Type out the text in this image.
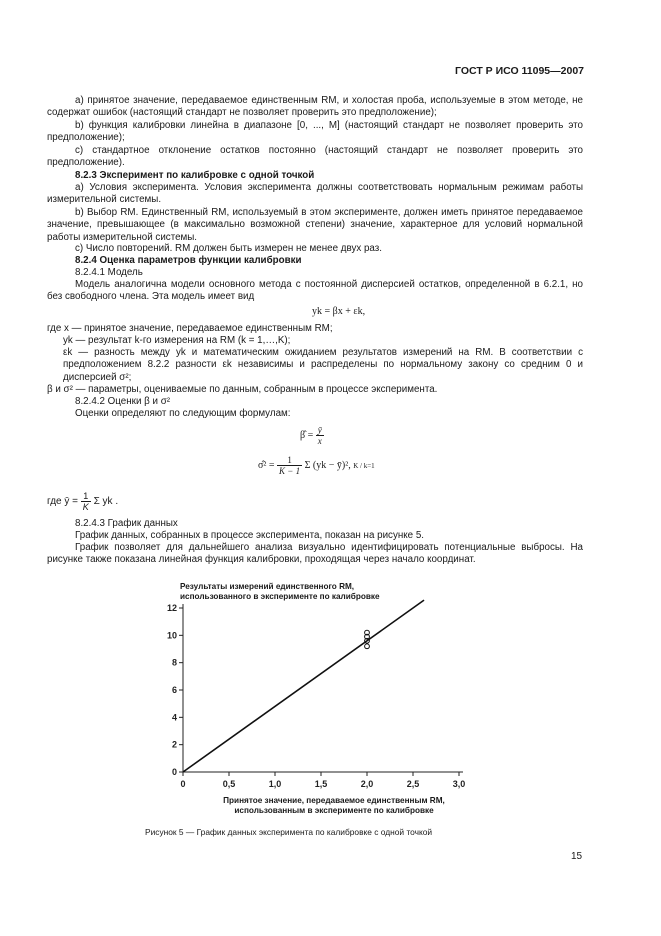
ГОСТ Р ИСО 11095—2007

а) принятое значение, передаваемое единственным RM, и холостая проба, используемые в этом методе, не содержат ошибок (настоящий стандарт не позволяет проверить это предположение);

b) функция калибровки линейна в диапазоне [0, ..., M] (настоящий стандарт не позволяет проверить это предположение);

с) стандартное отклонение остатков постоянно (настоящий стандарт не позволяет проверить это предположение).

8.2.3 Эксперимент по калибровке с одной точкой

а) Условия эксперимента. Условия эксперимента должны соответствовать нормальным режимам работы измерительной системы.

b) Выбор RM. Единственный RM, используемый в этом эксперименте, должен иметь принятое передаваемое значение, превышающее (в максимально возможной степени) значение, характерное для условий нормальной работы измерительной системы.

с) Число повторений. RM должен быть измерен не менее двух раз.

8.2.4 Оценка параметров функции калибровки

8.2.4.1 Модель

Модель аналогична модели основного метода с постоянной дисперсией остатков, определенной в 6.2.1, но без свободного члена. Эта модель имеет вид

yk = βx + εk,

где x — принятое значение, передаваемое единственным RM;

yk — результат k-го измерения на RM (k = 1,…,K);

εk — разность между yk и математическим ожиданием результатов измерений на RM. В соответствии с предположением 8.2.2 разности εk независимы и распределены по нормальному закону со средним 0 и дисперсией σ²;

β и σ² — параметры, оцениваемые по данным, собранным в процессе эксперимента.

8.2.4.2 Оценки β и σ²

Оценки определяют по следующим формулам:

β̂ = $\frac{ȳ}{x}$
σ̂² = $\frac{1}{K - 1}$ Σ (yk − ȳ)², K / k=1
где ȳ = $\frac{1}{K}$ Σ yk .

8.2.4.3 График данных

График данных, собранных в процессе эксперимента, показан на рисунке 5.

График позволяет для дальнейшего анализа визуально идентифицировать потенциальные выбросы. На рисунке также показана линейная функция калибровки, проходящая через начало координат.

Результаты измерений единственного RM, использованного в эксперименте по калибровке
0
2
4
6
8
10
12
0	0,5	1,0	1,5	2,0	2,5	3,0
Принятое значение, передаваемое единственным RM, использованным в эксперименте по калибровке
Рисунок 5 — График данных эксперимента по калибровке с одной точкой
15
